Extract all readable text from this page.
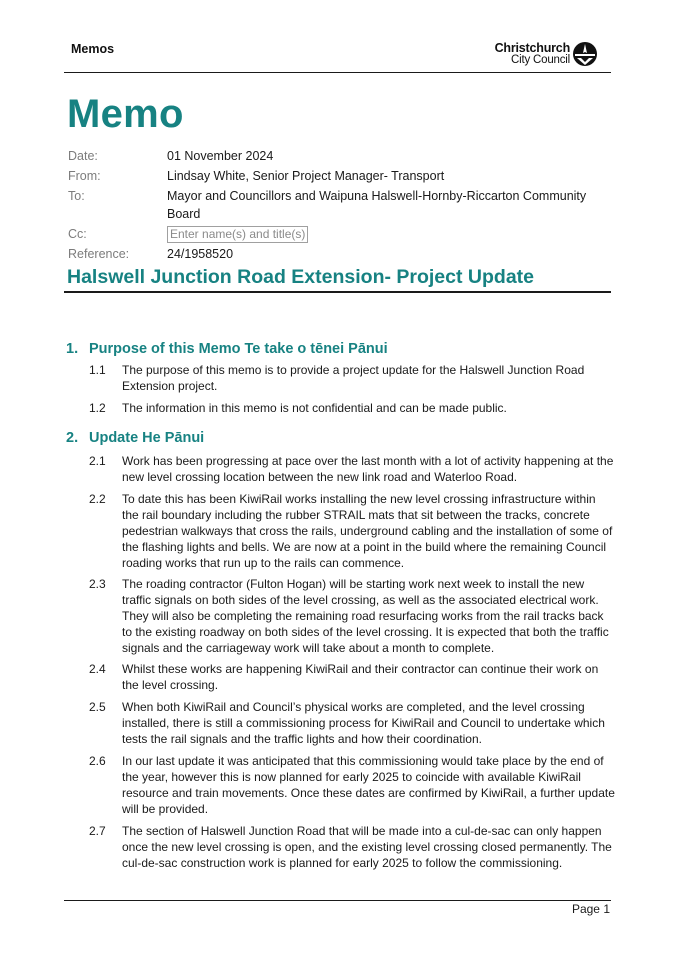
Memos	Christchurch
City Council
Memo
Date:	01 November 2024
From:	Lindsay White, Senior Project Manager- Transport
To:	Mayor and Councillors and Waipuna Halswell-Hornby-Riccarton Community Board
Cc:	Enter name(s) and title(s)
Reference:	24/1958520
Halswell Junction Road Extension- Project Update
1. Purpose of this Memo Te take o tēnei Pānui
1.1 The purpose of this memo is to provide a project update for the Halswell Junction Road Extension project.
1.2 The information in this memo is not confidential and can be made public.
2. Update He Pānui
2.1 Work has been progressing at pace over the last month with a lot of activity happening at the new level crossing location between the new link road and Waterloo Road.
2.2 To date this has been KiwiRail works installing the new level crossing infrastructure within the rail boundary including the rubber STRAIL mats that sit between the tracks, concrete pedestrian walkways that cross the rails, underground cabling and the installation of some of the flashing lights and bells. We are now at a point in the build where the remaining Council roading works that run up to the rails can commence.
2.3 The roading contractor (Fulton Hogan) will be starting work next week to install the new traffic signals on both sides of the level crossing, as well as the associated electrical work. They will also be completing the remaining road resurfacing works from the rail tracks back to the existing roadway on both sides of the level crossing. It is expected that both the traffic signals and the carriageway work will take about a month to complete.
2.4 Whilst these works are happening KiwiRail and their contractor can continue their work on the level crossing.
2.5 When both KiwiRail and Council’s physical works are completed, and the level crossing installed, there is still a commissioning process for KiwiRail and Council to undertake which tests the rail signals and the traffic lights and how their coordination.
2.6 In our last update it was anticipated that this commissioning would take place by the end of the year, however this is now planned for early 2025 to coincide with available KiwiRail resource and train movements. Once these dates are confirmed by KiwiRail, a further update will be provided.
2.7 The section of Halswell Junction Road that will be made into a cul-de-sac can only happen once the new level crossing is open, and the existing level crossing closed permanently. The cul-de-sac construction work is planned for early 2025 to follow the commissioning.
Page 1
